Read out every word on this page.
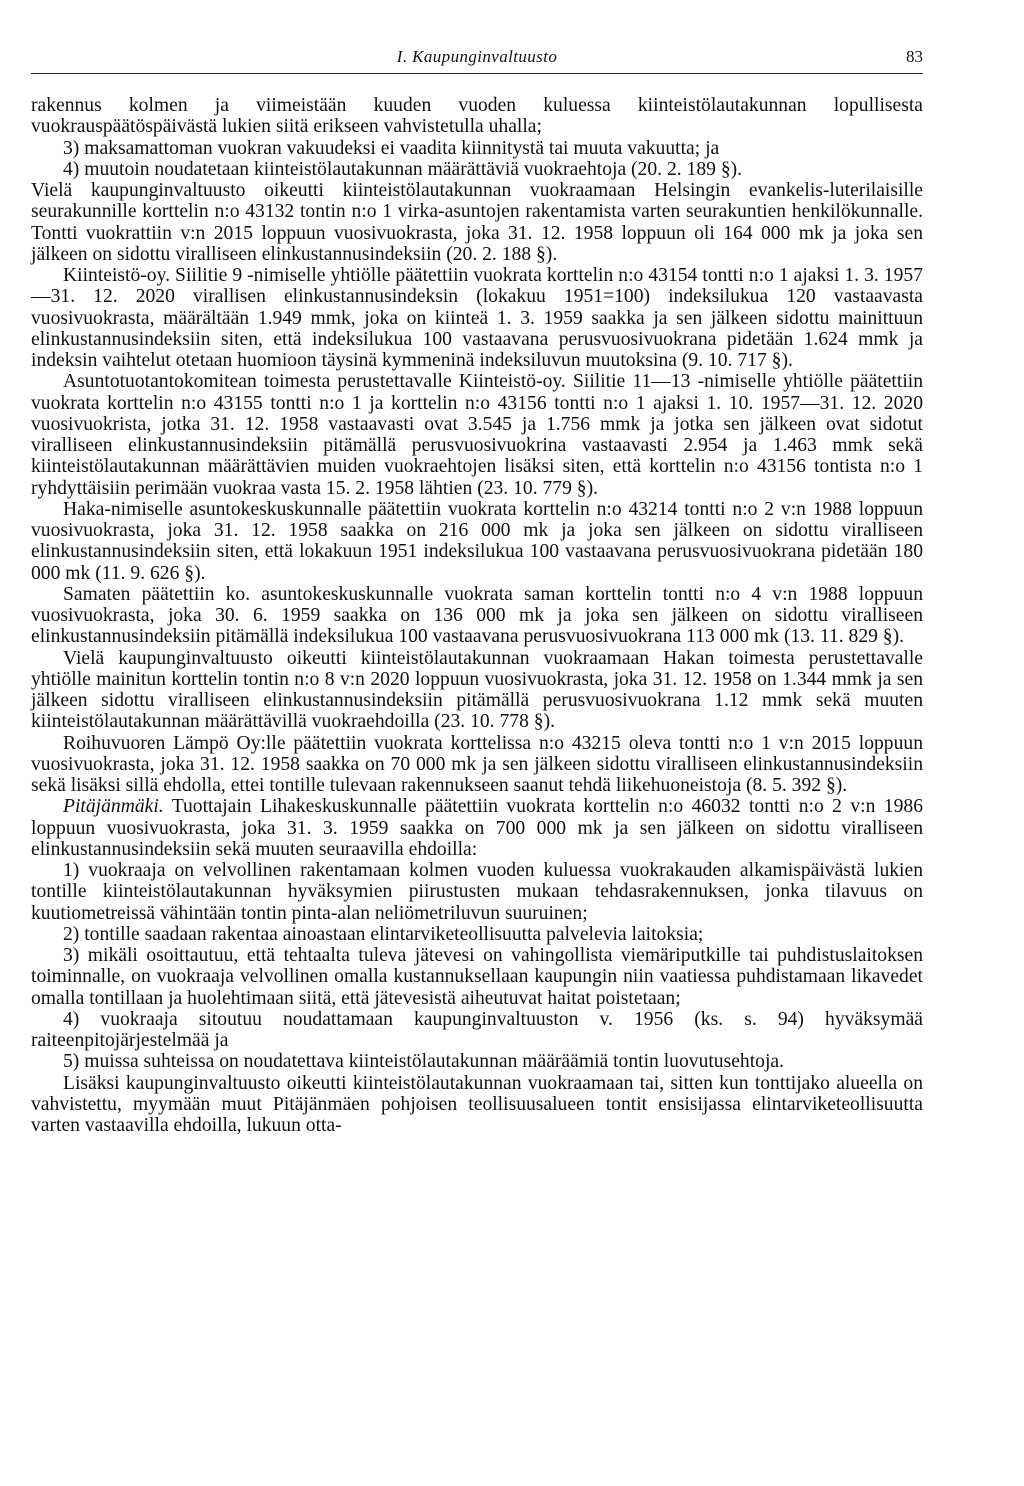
I. Kaupunginvaltuusto	83

rakennus kolmen ja viimeistään kuuden vuoden kuluessa kiinteistölautakunnan lopullisesta vuokrauspäätöspäivästä lukien siitä erikseen vahvistetulla uhalla;

3) maksamattoman vuokran vakuudeksi ei vaadita kiinnitystä tai muuta vakuutta; ja

4) muutoin noudatetaan kiinteistölautakunnan määrättäviä vuokraehtoja (20. 2. 189 §).

Vielä kaupunginvaltuusto oikeutti kiinteistölautakunnan vuokraamaan Helsingin evankelis-luterilaisille seurakunnille korttelin n:o 43132 tontin n:o 1 virka-asuntojen rakentamista varten seurakuntien henkilökunnalle. Tontti vuokrattiin v:n 2015 loppuun vuosivuokrasta, joka 31. 12. 1958 loppuun oli 164 000 mk ja joka sen jälkeen on sidottu viralliseen elinkustannusindeksiin (20. 2. 188 §).

Kiinteistö-oy. Siilitie 9 -nimiselle yhtiölle päätettiin vuokrata korttelin n:o 43154 tontti n:o 1 ajaksi 1. 3. 1957—31. 12. 2020 virallisen elinkustannusindeksin (lokakuu 1951=100) indeksilukua 120 vastaavasta vuosivuokrasta, määrältään 1.949 mmk, joka on kiinteä 1. 3. 1959 saakka ja sen jälkeen sidottu mainittuun elinkustannusindeksiin siten, että indeksilukua 100 vastaavana perusvuosivuokrana pidetään 1.624 mmk ja indeksin vaihtelut otetaan huomioon täysinä kymmeninä indeksiluvun muutoksina (9. 10. 717 §).

Asuntotuotantokomitean toimesta perustettavalle Kiinteistö-oy. Siilitie 11—13 -nimiselle yhtiölle päätettiin vuokrata korttelin n:o 43155 tontti n:o 1 ja korttelin n:o 43156 tontti n:o 1 ajaksi 1. 10. 1957—31. 12. 2020 vuosivuokrista, jotka 31. 12. 1958 vastaavasti ovat 3.545 ja 1.756 mmk ja jotka sen jälkeen ovat sidotut viralliseen elinkustannusindeksiin pitämällä perusvuosivuokrina vastaavasti 2.954 ja 1.463 mmk sekä kiinteistölautakunnan määrättävien muiden vuokraehtojen lisäksi siten, että korttelin n:o 43156 tontista n:o 1 ryhdyttäisiin perimään vuokraa vasta 15. 2. 1958 lähtien (23. 10. 779 §).

Haka-nimiselle asuntokeskuskunnalle päätettiin vuokrata korttelin n:o 43214 tontti n:o 2 v:n 1988 loppuun vuosivuokrasta, joka 31. 12. 1958 saakka on 216 000 mk ja joka sen jälkeen on sidottu viralliseen elinkustannusindeksiin siten, että lokakuun 1951 indeksilukua 100 vastaavana perusvuosivuokrana pidetään 180 000 mk (11. 9. 626 §).

Samaten päätettiin ko. asuntokeskuskunnalle vuokrata saman korttelin tontti n:o 4 v:n 1988 loppuun vuosivuokrasta, joka 30. 6. 1959 saakka on 136 000 mk ja joka sen jälkeen on sidottu viralliseen elinkustannusindeksiin pitämällä indeksilukua 100 vastaavana perusvuosivuokrana 113 000 mk (13. 11. 829 §).

Vielä kaupunginvaltuusto oikeutti kiinteistölautakunnan vuokraamaan Hakan toimesta perustettavalle yhtiölle mainitun korttelin tontin n:o 8 v:n 2020 loppuun vuosivuokrasta, joka 31. 12. 1958 on 1.344 mmk ja sen jälkeen sidottu viralliseen elinkustannusindeksiin pitämällä perusvuosivuokrana 1.12 mmk sekä muuten kiinteistölautakunnan määrättävillä vuokraehdoilla (23. 10. 778 §).

Roihuvuoren Lämpö Oy:lle päätettiin vuokrata korttelissa n:o 43215 oleva tontti n:o 1 v:n 2015 loppuun vuosivuokrasta, joka 31. 12. 1958 saakka on 70 000 mk ja sen jälkeen sidottu viralliseen elinkustannusindeksiin sekä lisäksi sillä ehdolla, ettei tontille tulevaan rakennukseen saanut tehdä liikehuoneistoja (8. 5. 392 §).

Pitäjänmäki. Tuottajain Lihakeskuskunnalle päätettiin vuokrata korttelin n:o 46032 tontti n:o 2 v:n 1986 loppuun vuosivuokrasta, joka 31. 3. 1959 saakka on 700 000 mk ja sen jälkeen on sidottu viralliseen elinkustannusindeksiin sekä muuten seuraavilla ehdoilla:

1) vuokraaja on velvollinen rakentamaan kolmen vuoden kuluessa vuokrakauden alkamispäivästä lukien tontille kiinteistölautakunnan hyväksymien piirustusten mukaan tehdasrakennuksen, jonka tilavuus on kuutiometreissä vähintään tontin pinta-alan neliömetriluvun suuruinen;

2) tontille saadaan rakentaa ainoastaan elintarviketeollisuutta palvelevia laitoksia;

3) mikäli osoittautuu, että tehtaalta tuleva jätevesi on vahingollista viemäriputkille tai puhdistuslaitoksen toiminnalle, on vuokraaja velvollinen omalla kustannuksellaan kaupungin niin vaatiessa puhdistamaan likavedet omalla tontillaan ja huolehtimaan siitä, että jätevesistä aiheutuvat haitat poistetaan;

4) vuokraaja sitoutuu noudattamaan kaupunginvaltuuston v. 1956 (ks. s. 94) hyväksymää raiteenpitojärjestelmää ja

5) muissa suhteissa on noudatettava kiinteistölautakunnan määräämiä tontin luovutusehtoja.

Lisäksi kaupunginvaltuusto oikeutti kiinteistölautakunnan vuokraamaan tai, sitten kun tonttijako alueella on vahvistettu, myymään muut Pitäjänmäen pohjoisen teollisuusalueen tontit ensisijassa elintarviketeollisuutta varten vastaavilla ehdoilla, lukuun otta-
